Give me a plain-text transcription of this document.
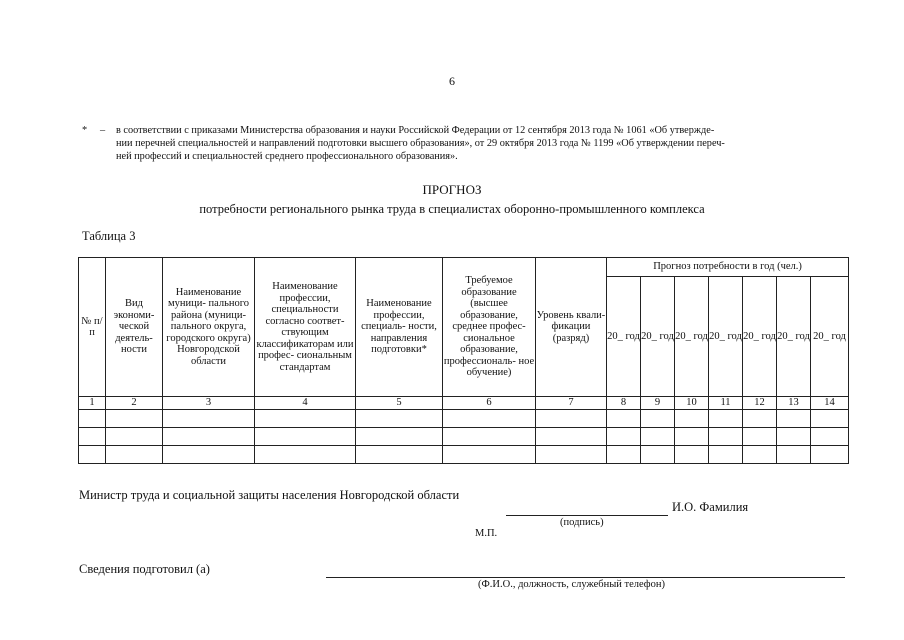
6
* – в соответствии с приказами Министерства образования и науки Российской Федерации от 12 сентября 2013 года № 1061 «Об утвержде-
нии перечней специальностей и направлений подготовки высшего образования», от 29 октября 2013 года № 1199 «Об утверждении переч-
ней профессий и специальностей среднего профессионального образования».
ПРОГНОЗ
потребности регионального рынка труда в специалистах оборонно-промышленного комплекса
Таблица 3
№ п/п	Вид экономи- ческой деятель- ности	Наименование муници- пального района (муници- пального округа, городского округа) Новгородской области	Наименование профессии, специальности согласно соответ- ствующим классификаторам или профес- сиональным стандартам	Наименование профессии, специаль- ности, направления подготовки*	Требуемое образование (высшее образование, среднее профес- сиональное образование, профессиональ- ное обучение)	Уровень квали- фикации (разряд)	Прогноз потребности в год (чел.)						
							20_ год	20_ год	20_ год	20_ год	20_ год	20_ год	20_ год
1	2	3	4	5	6	7	8	9	10	11	12	13	14

Министр труда и социальной защиты населения Новгородской области
И.О. Фамилия
(подпись)
М.П.
Сведения подготовил (а)
(Ф.И.О., должность, служебный телефон)
